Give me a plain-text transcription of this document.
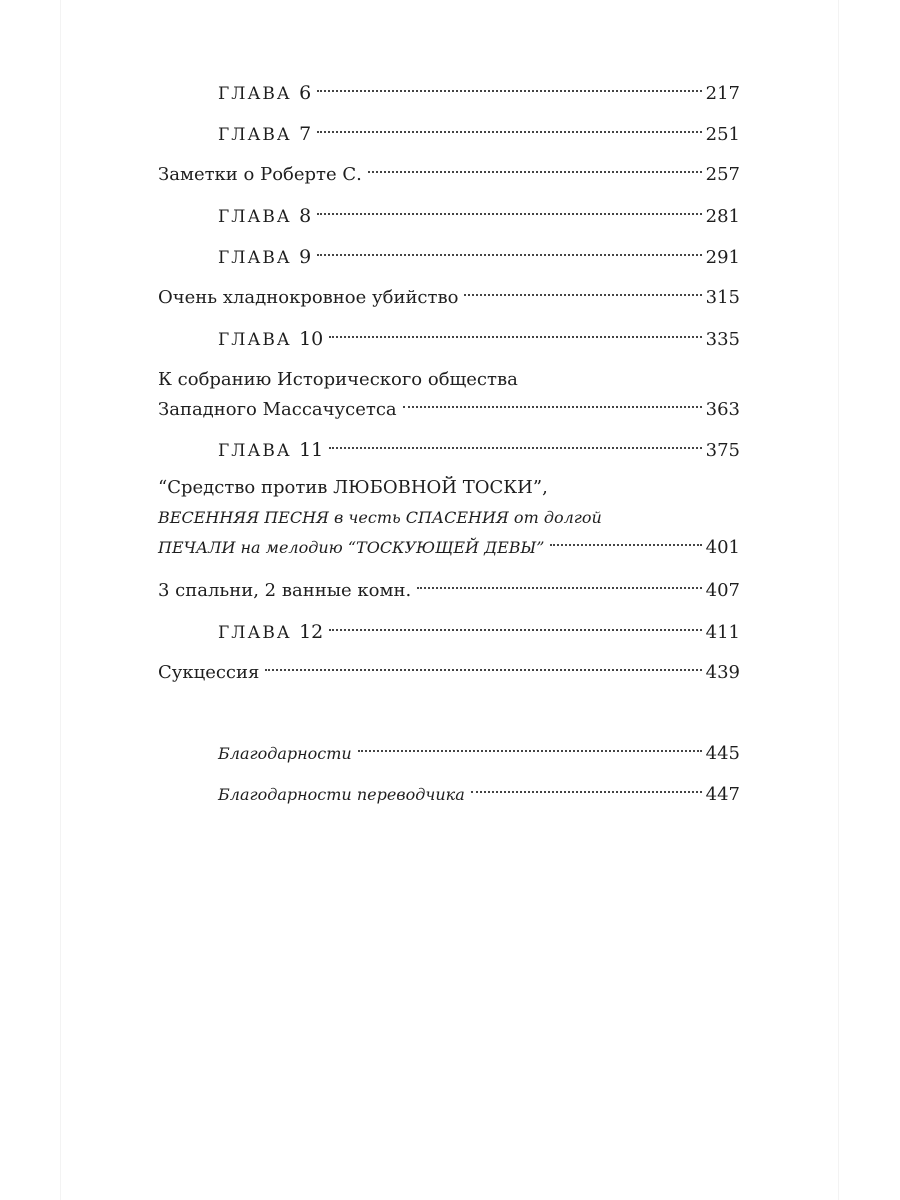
ГЛАВА 6	217
ГЛАВА 7	251
Заметки о Роберте С.	257
ГЛАВА 8	281
ГЛАВА 9	291
Очень хладнокровное убийство	315
ГЛАВА 10	335
К собранию Исторического общества
Западного Массачусетса	363
ГЛАВА 11	375
“Средство против ЛЮБОВНОЙ ТОСКИ”,
ВЕСЕННЯЯ ПЕСНЯ в честь СПАСЕНИЯ от долгой
ПЕЧАЛИ на мелодию “ТОСКУЮЩЕЙ ДЕВЫ”	401
3 спальни, 2 ванные комн.	407
ГЛАВА 12	411
Сукцессия	439
Благодарности	445
Благодарности переводчика	447
